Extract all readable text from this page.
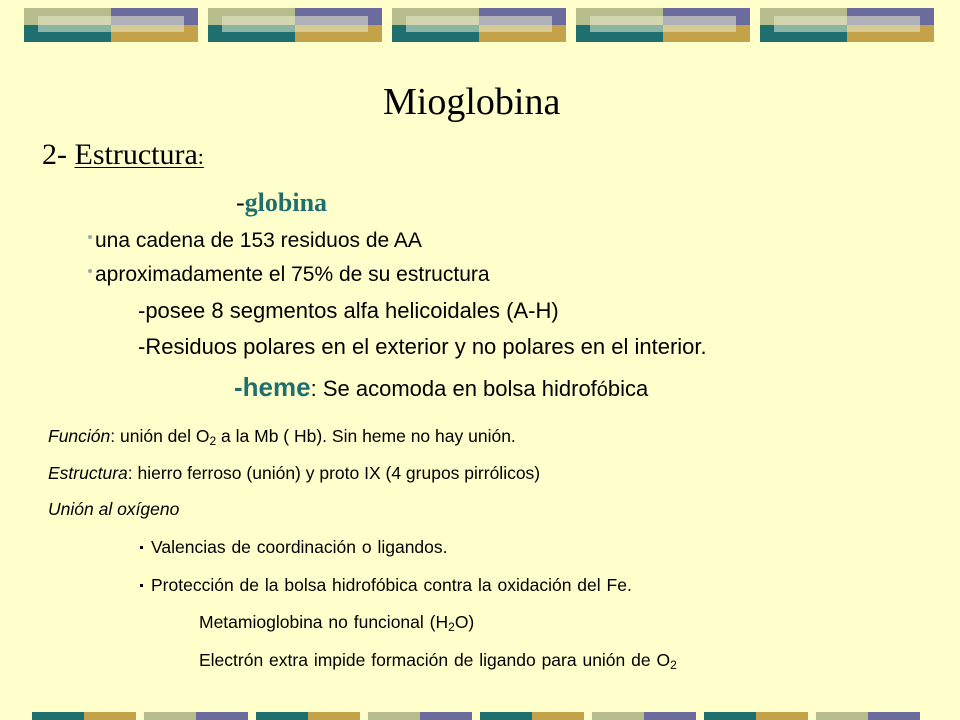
Mioglobina
2- Estructura:
-globina
una cadena de 153 residuos de AA
aproximadamente el 75% de su estructura
-posee 8 segmentos alfa helicoidales (A-H)
-Residuos polares en el exterior y no polares en el interior.
-heme: Se acomoda en bolsa hidrofóbica
Función: unión del $O_2$ a la Mb ( Hb). Sin heme no hay unión.
Estructura: hierro ferroso (unión) y proto IX (4 grupos pirrólicos)
Unión al oxígeno
Valencias de coordinación o ligandos.
Protección de la bolsa hidrofóbica contra la oxidación del Fe.
Metamioglobina no funcional $(H_2O)$
Electrón extra impide formación de ligando para unión de $O_2$
